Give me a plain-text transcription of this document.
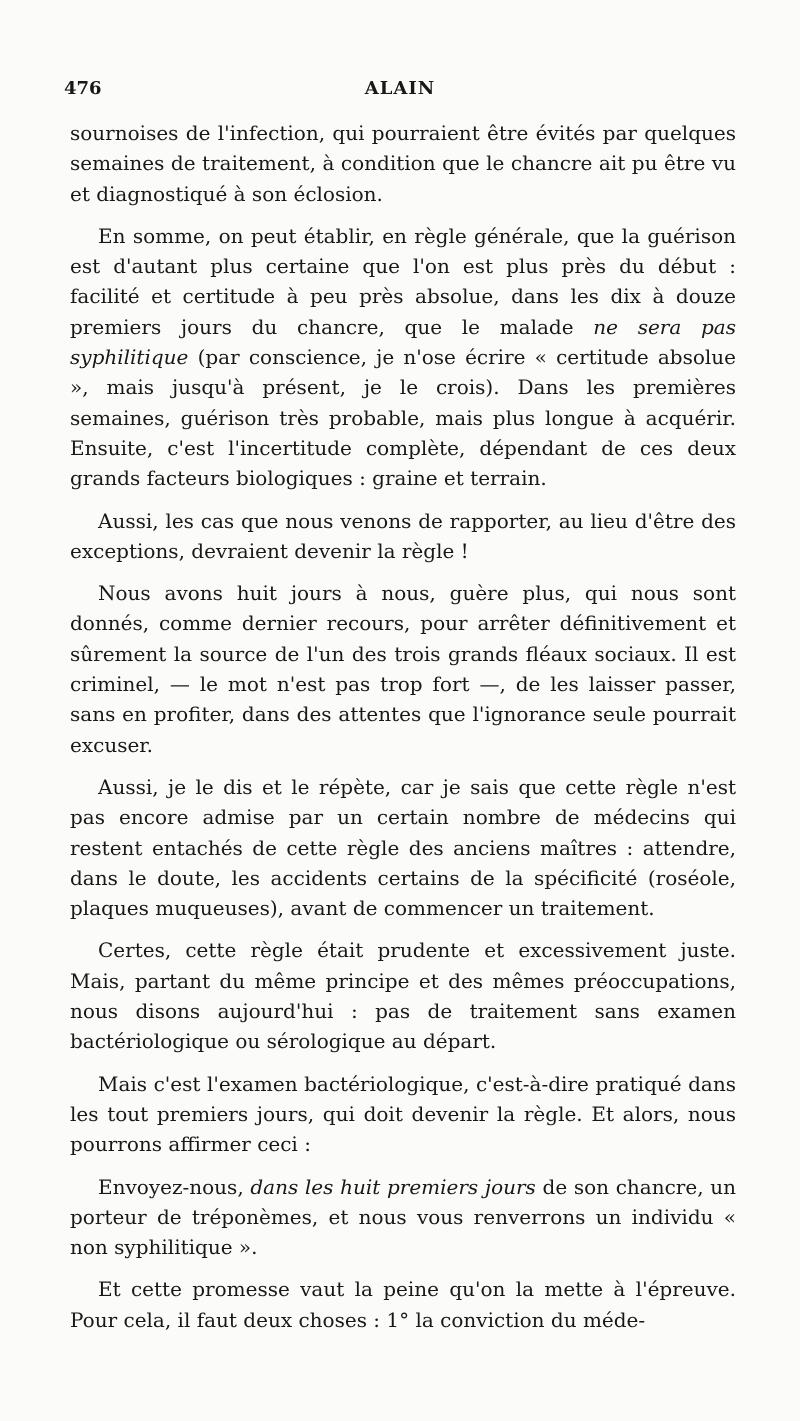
476	ALAIN

sournoises de l'infection, qui pourraient être évités par quelques semaines de traitement, à condition que le chancre ait pu être vu et diagnostiqué à son éclosion.

En somme, on peut établir, en règle générale, que la guérison est d'autant plus certaine que l'on est plus près du début : facilité et certitude à peu près absolue, dans les dix à douze premiers jours du chancre, que le malade ne sera pas syphilitique (par conscience, je n'ose écrire « certitude absolue », mais jusqu'à présent, je le crois). Dans les premières semaines, guérison très probable, mais plus longue à acquérir. Ensuite, c'est l'incertitude complète, dépendant de ces deux grands facteurs biologiques : graine et terrain.

Aussi, les cas que nous venons de rapporter, au lieu d'être des exceptions, devraient devenir la règle !

Nous avons huit jours à nous, guère plus, qui nous sont donnés, comme dernier recours, pour arrêter définitivement et sûrement la source de l'un des trois grands fléaux sociaux. Il est criminel, — le mot n'est pas trop fort —, de les laisser passer, sans en profiter, dans des attentes que l'ignorance seule pourrait excuser.

Aussi, je le dis et le répète, car je sais que cette règle n'est pas encore admise par un certain nombre de médecins qui restent entachés de cette règle des anciens maîtres : attendre, dans le doute, les accidents certains de la spécificité (roséole, plaques muqueuses), avant de commencer un traitement.

Certes, cette règle était prudente et excessivement juste. Mais, partant du même principe et des mêmes préoccupations, nous disons aujourd'hui : pas de traitement sans examen bactériologique ou sérologique au départ.

Mais c'est l'examen bactériologique, c'est-à-dire pratiqué dans les tout premiers jours, qui doit devenir la règle. Et alors, nous pourrons affirmer ceci :

Envoyez-nous, dans les huit premiers jours de son chancre, un porteur de tréponèmes, et nous vous renverrons un individu « non syphilitique ».

Et cette promesse vaut la peine qu'on la mette à l'épreuve. Pour cela, il faut deux choses : 1° la conviction du méde-
